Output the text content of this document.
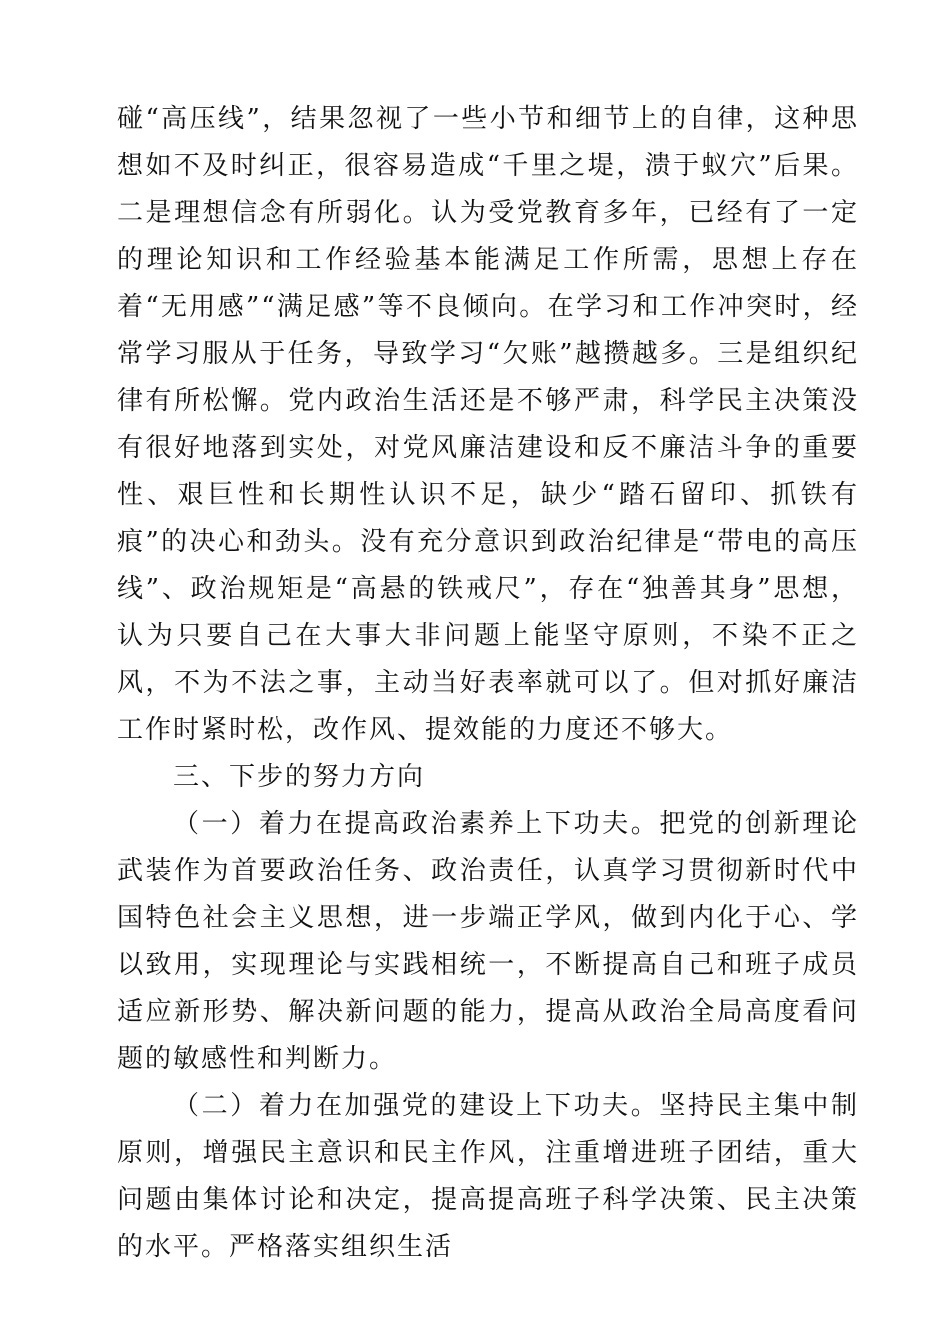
碰“高压线”，结果忽视了一些小节和细节上的自律，这种思想如不及时纠正，很容易造成“千里之堤，溃于蚁穴”后果。二是理想信念有所弱化。认为受党教育多年，已经有了一定的理论知识和工作经验基本能满足工作所需，思想上存在着“无用感”“满足感”等不良倾向。在学习和工作冲突时，经常学习服从于任务，导致学习“欠账”越攒越多。三是组织纪律有所松懈。党内政治生活还是不够严肃，科学民主决策没有很好地落到实处，对党风廉洁建设和反不廉洁斗争的重要性、艰巨性和长期性认识不足，缺少“踏石留印、抓铁有痕”的决心和劲头。没有充分意识到政治纪律是“带电的高压线”、政治规矩是“高悬的铁戒尺”，存在“独善其身”思想，认为只要自己在大事大非问题上能坚守原则，不染不正之风，不为不法之事，主动当好表率就可以了。但对抓好廉洁工作时紧时松，改作风、提效能的力度还不够大。

三、下步的努力方向

（一）着力在提高政治素养上下功夫。把党的创新理论武装作为首要政治任务、政治责任，认真学习贯彻新时代中国特色社会主义思想，进一步端正学风，做到内化于心、学以致用，实现理论与实践相统一，不断提高自己和班子成员适应新形势、解决新问题的能力，提高从政治全局高度看问题的敏感性和判断力。

（二）着力在加强党的建设上下功夫。坚持民主集中制原则，增强民主意识和民主作风，注重增进班子团结，重大问题由集体讨论和决定，提高提高班子科学决策、民主决策的水平。严格落实组织生活
